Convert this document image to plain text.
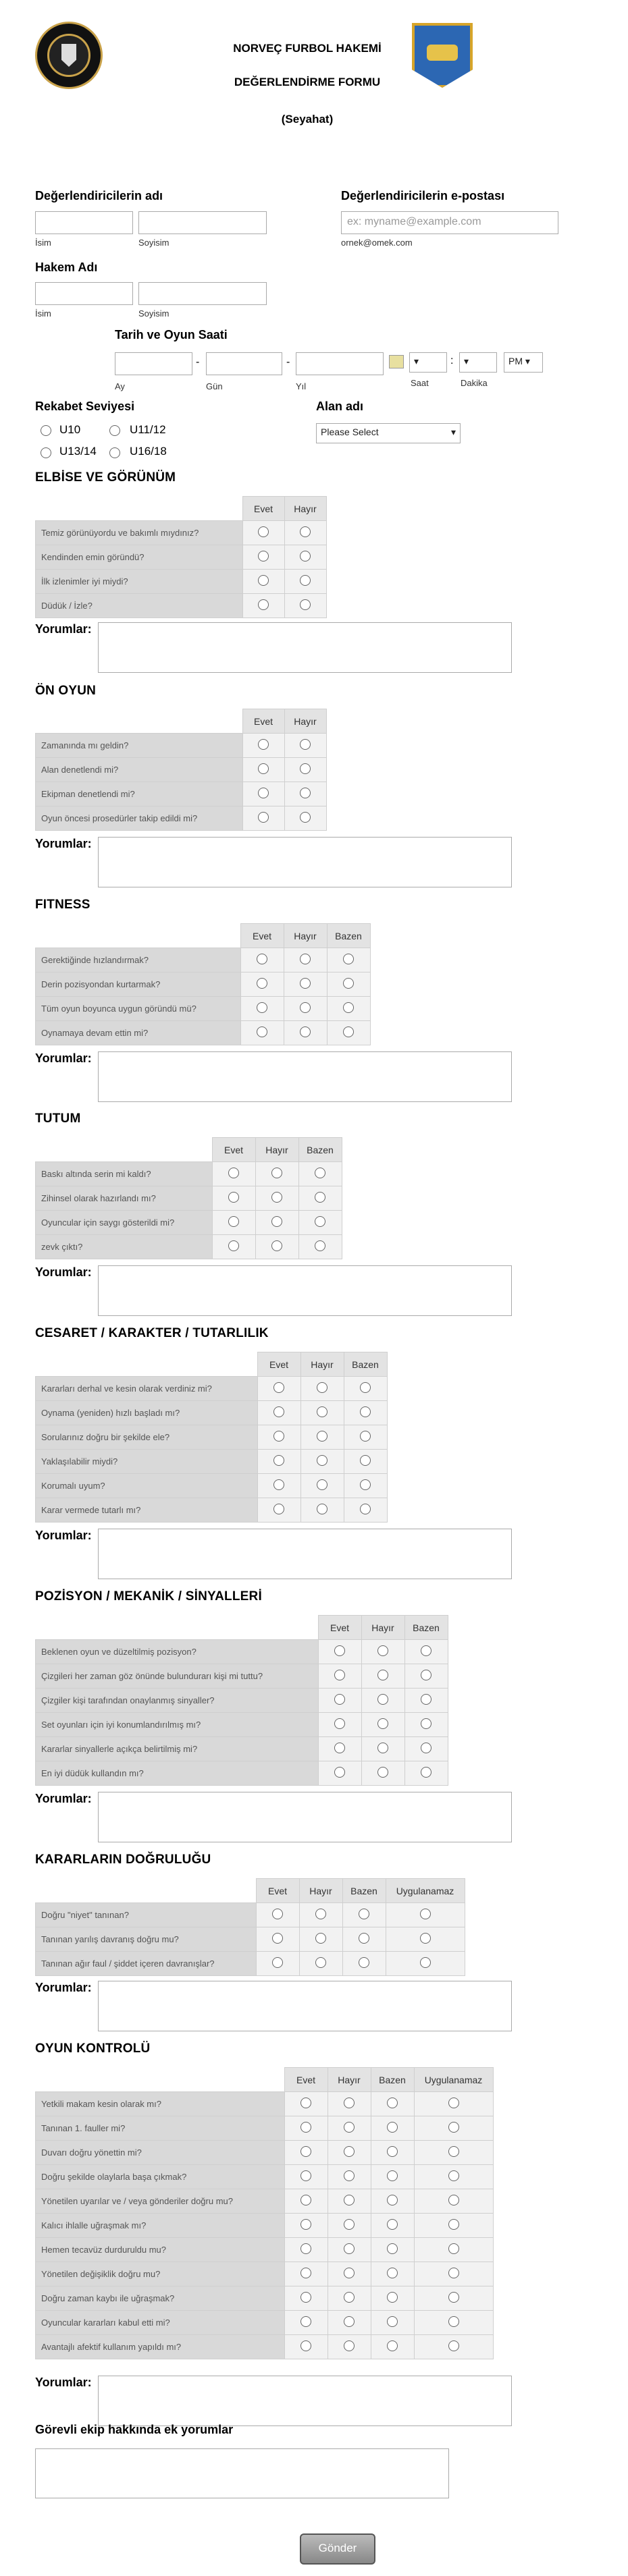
NORVEÇ FURBOL HAKEMİ
DEĞERLENDİRME FORMU
(Seyahat)
Değerlendiricilerin adı
İsim	Soyisim
Değerlendiricilerin e-postası
ex: myname@example.com
ornek@omek.com
Hakem Adı
İsim	Soyisim
Tarih ve Oyun Saati
-	-	▾	:	▾	PM ▾
Ay	Gün	Yıl	Saat	Dakika
Rekabet Seviyesi
U10	U11/12
U13/14	U16/18
Alan adı
Please Select	▾
ELBİSE VE GÖRÜNÜM
	Evet	Hayır
Temiz görünüyordu ve bakımlı mıydınız?		
Kendinden emin göründü?		
İlk izlenimler iyi miydi?		
Düdük / İzle?		
Yorumlar:
ÖN OYUN
	Evet	Hayır
Zamanında mı geldin?		
Alan denetlendi mi?		
Ekipman denetlendi mi?		
Oyun öncesi prosedürler takip edildi mi?		
Yorumlar:
FITNESS
	Evet	Hayır	Bazen
Gerektiğinde hızlandırmak?			
Derin pozisyondan kurtarmak?			
Tüm oyun boyunca uygun göründü mü?			
Oynamaya devam ettin mi?			
Yorumlar:
TUTUM
	Evet	Hayır	Bazen
Baskı altında serin mi kaldı?			
Zihinsel olarak hazırlandı mı?			
Oyuncular için saygı gösterildi mi?			
zevk çıktı?			
Yorumlar:
CESARET / KARAKTER / TUTARLILIK
	Evet	Hayır	Bazen
Kararları derhal ve kesin olarak verdiniz mi?			
Oynama (yeniden) hızlı başladı mı?			
Sorularınız doğru bir şekilde ele?			
Yaklaşılabilir miydi?			
Korumalı uyum?			
Karar vermede tutarlı mı?			
Yorumlar:
POZİSYON / MEKANİK / SİNYALLERİ
	Evet	Hayır	Bazen
Beklenen oyun ve düzeltilmiş pozisyon?			
Çizgileri her zaman göz önünde bulundurarı kişi mi tuttu?			
Çizgiler kişi tarafından onaylanmış sinyaller?			
Set oyunları için iyi konumlandırılmış mı?			
Kararlar sinyallerle açıkça belirtilmiş mi?			
En iyi düdük kullandın mı?			
Yorumlar:
KARARLARIN DOĞRULUĞU
	Evet	Hayır	Bazen	Uygulanamaz
Doğru "niyet" tanınan?				
Tanınan yarılış davranış doğru mu?				
Tanınan ağır faul / şiddet içeren davranışlar?				
Yorumlar:
OYUN KONTROLÜ
	Evet	Hayır	Bazen	Uygulanamaz
Yetkili makam kesin olarak mı?				
Tanınan 1. fauller mi?				
Duvarı doğru yönettin mi?				
Doğru şekilde olaylarla başa çıkmak?				
Yönetilen uyarılar ve / veya gönderiler doğru mu?				
Kalıcı ihlalle uğraşmak mı?				
Hemen tecavüz durduruldu mu?				
Yönetilen değişiklik doğru mu?				
Doğru zaman kaybı ile uğraşmak?				
Oyuncular kararları kabul etti mi?				
Avantajlı afektif kullanım yapıldı mı?				
Yorumlar:
Görevli ekip hakkında ek yorumlar
Gönder
